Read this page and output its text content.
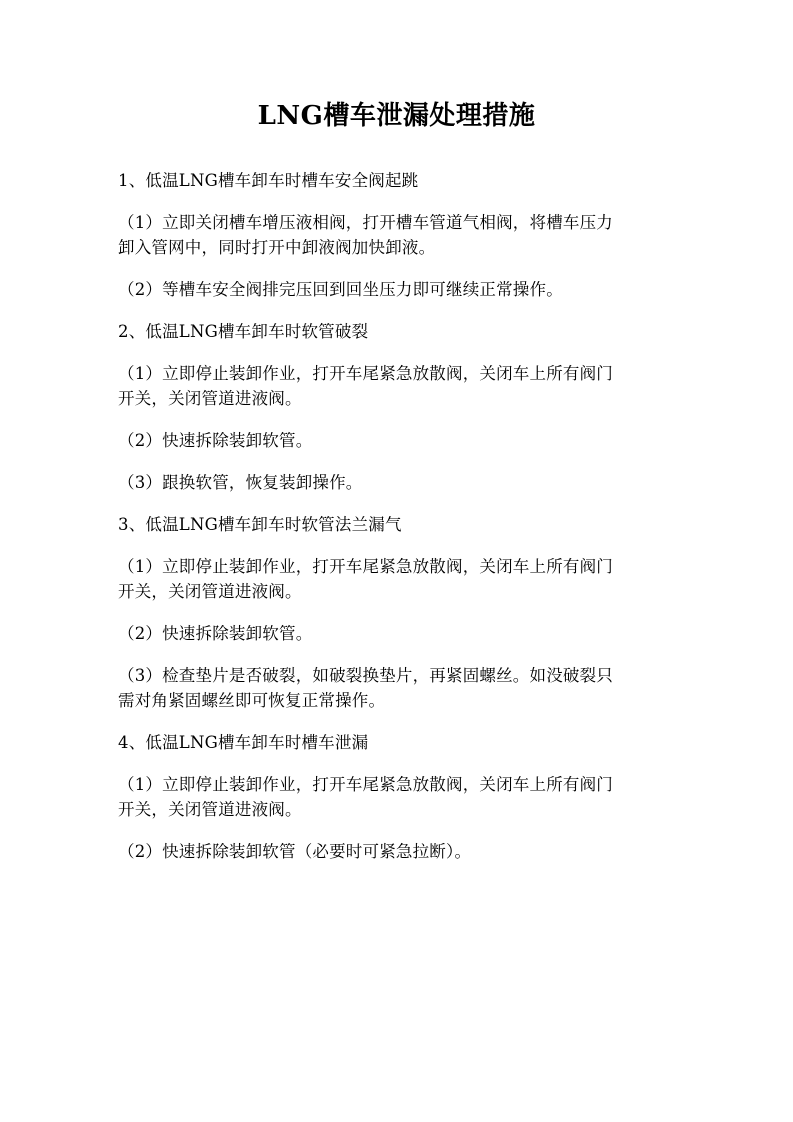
LNG槽车泄漏处理措施
1、低温LNG槽车卸车时槽车安全阀起跳
（1）立即关闭槽车增压液相阀，打开槽车管道气相阀，将槽车压力
卸入管网中，同时打开中卸液阀加快卸液。
（2）等槽车安全阀排完压回到回坐压力即可继续正常操作。
2、低温LNG槽车卸车时软管破裂
（1）立即停止装卸作业，打开车尾紧急放散阀，关闭车上所有阀门
开关，关闭管道进液阀。
（2）快速拆除装卸软管。
（3）跟换软管，恢复装卸操作。
3、低温LNG槽车卸车时软管法兰漏气
（1）立即停止装卸作业，打开车尾紧急放散阀，关闭车上所有阀门
开关，关闭管道进液阀。
（2）快速拆除装卸软管。
（3）检查垫片是否破裂，如破裂换垫片，再紧固螺丝。如没破裂只
需对角紧固螺丝即可恢复正常操作。
4、低温LNG槽车卸车时槽车泄漏
（1）立即停止装卸作业，打开车尾紧急放散阀，关闭车上所有阀门
开关，关闭管道进液阀。
（2）快速拆除装卸软管（必要时可紧急拉断）。
